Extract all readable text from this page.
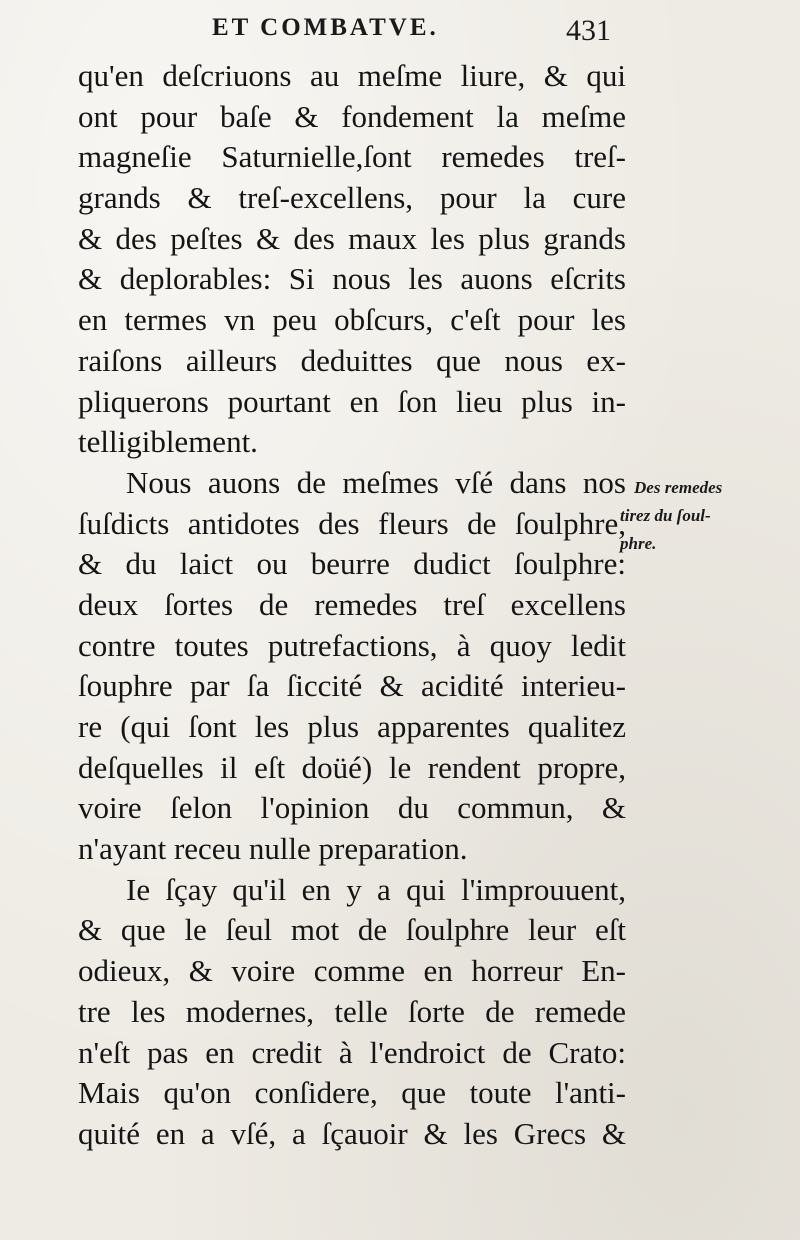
ET COMBATVE.	431
qu'en deſcriuons au meſme liure, & qui
ont pour baſe & fondement la meſme
magneſie Saturnielle,ſont remedes treſ-
grands & treſ-excellens, pour la cure
& des peſtes & des maux les plus grands
& deplorables: Si nous les auons eſcrits
en termes vn peu obſcurs, c'eſt pour les
raiſons ailleurs deduittes que nous ex-
pliquerons pourtant en ſon lieu plus in-
telligiblement.
Nous auons de meſmes vſé dans nos
ſuſdicts antidotes des fleurs de ſoulphre,
& du laict ou beurre dudict ſoulphre:
deux ſortes de remedes treſ excellens
contre toutes putrefactions, à quoy ledit
ſouphre par ſa ſiccité & acidité interieu-
re (qui ſont les plus apparentes qualitez
deſquelles il eſt doüé) le rendent propre,
voire ſelon l'opinion du commun, &
n'ayant receu nulle preparation.
Ie ſçay qu'il en y a qui l'improuuent,
& que le ſeul mot de ſoulphre leur eſt
odieux, & voire comme en horreur En-
tre les modernes, telle ſorte de remede
n'eſt pas en credit à l'endroict de Crato:
Mais qu'on conſidere, que toute l'anti-
quité en a vſé, a ſçauoir & les Grecs &
Des remedes
tirez du ſoul-
phre.
